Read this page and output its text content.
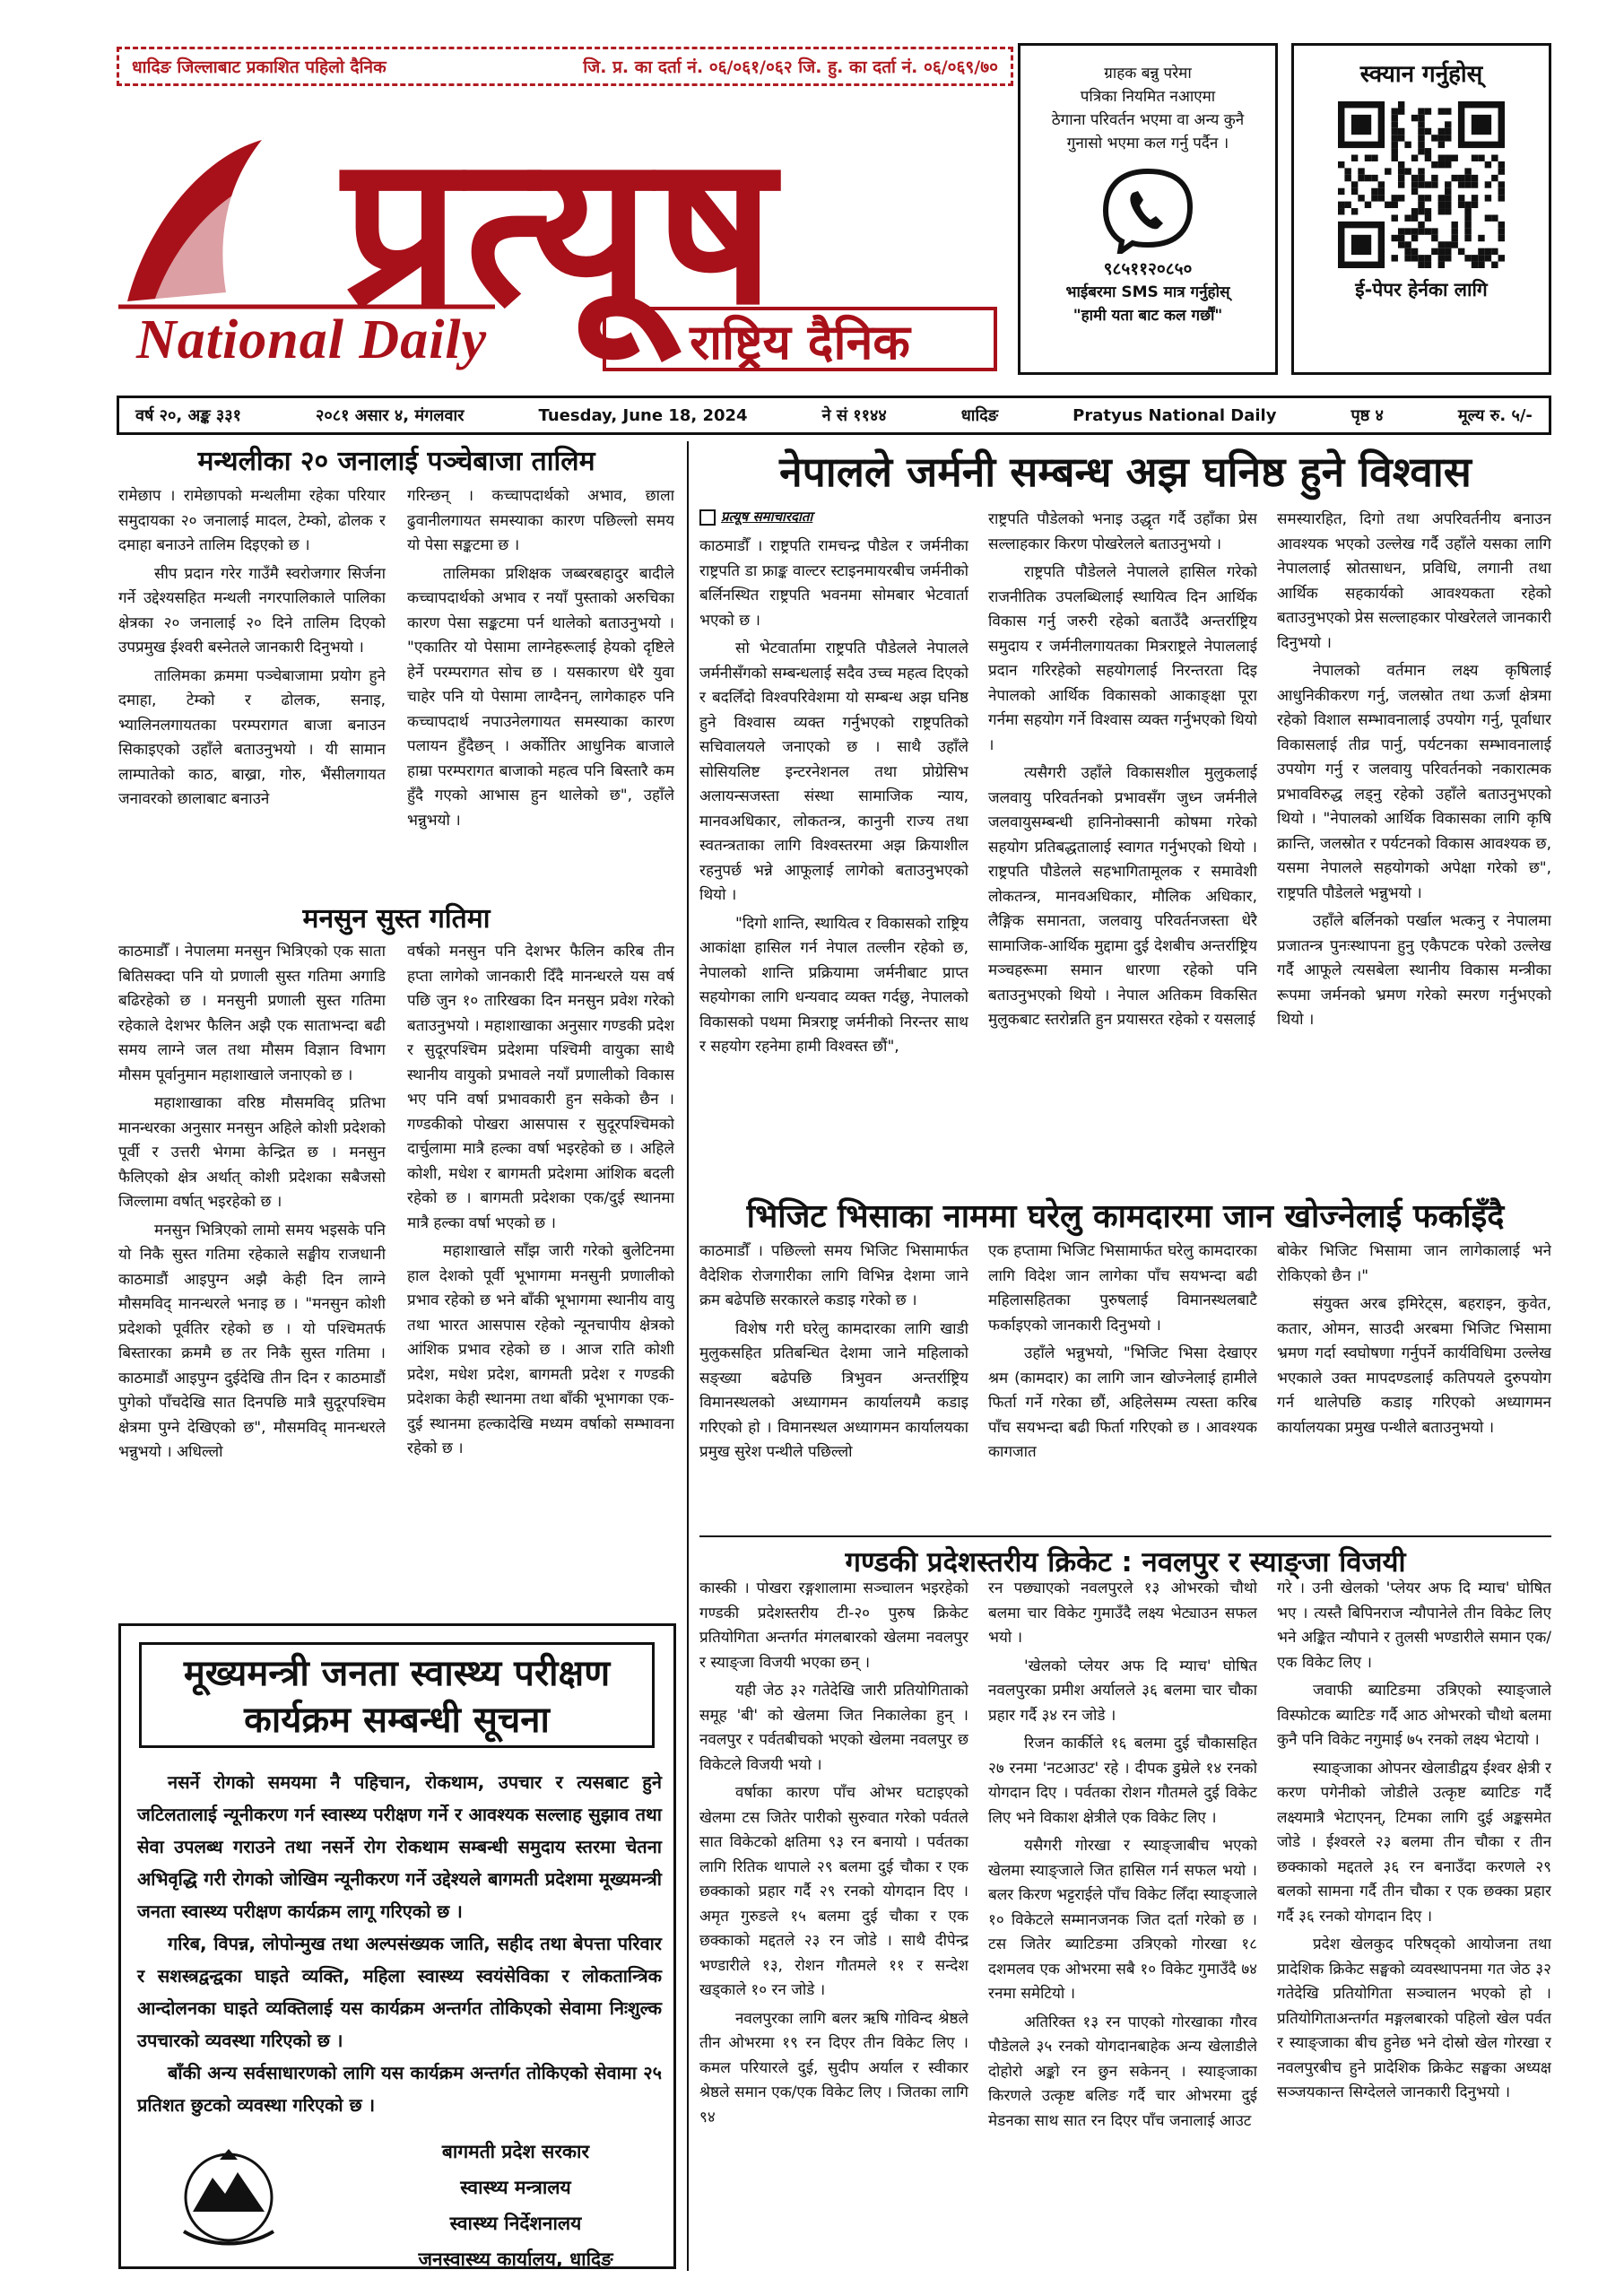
धादिङ जिल्लाबाट प्रकाशित पहिलो दैनिक	जि. प्र. का दर्ता नं. ०६/०६१/०६२ जि. हु. का दर्ता नं. ०६/०६९/७०
प्रत्यूष
National Daily	राष्ट्रिय दैनिक
ग्राहक बन्नु परेमा
पत्रिका नियमित नआएमा
ठेगाना परिवर्तन भएमा वा अन्य कुनै
गुनासो भएमा कल गर्नु पर्दैन ।
९८५११२०८५०
भाईबरमा SMS मात्र गर्नुहोस्
"हामी यता बाट कल गर्छौं"
स्क्यान गर्नुहोस्
ई-पेपर हेर्नका लागि
वर्ष २०, अङ्क ३३१	२०८१ असार ४, मंगलवार	Tuesday, June 18, 2024	ने सं ११४४	धादिङ	Pratyus National Daily	पृष्ठ ४	मूल्य रु. ५/-
मन्थलीका २० जनालाई पञ्चेबाजा तालिम

रामेछाप । रामेछापको मन्थलीमा रहेका परियार समुदायका २० जनालाई मादल, टेम्को, ढोलक र दमाहा बनाउने तालिम दिइएको छ ।

सीप प्रदान गरेर गाउँमै स्वरोजगार सिर्जना गर्ने उद्देश्यसहित मन्थली नगरपालिकाले पालिका क्षेत्रका २० जनालाई २० दिने तालिम दिएको उपप्रमुख ईश्वरी बस्नेतले जानकारी दिनुभयो ।

तालिमका क्रममा पञ्चेबाजामा प्रयोग हुने दमाहा, टेम्को र ढोलक, सनाइ, भ्यालिनलगायतका परम्परागत बाजा बनाउन सिकाइएको उहाँले बताउनुभयो । यी सामान लाम्पातेको काठ, बाख्रा, गोरु, भैंसीलगायत जनावरको छालाबाट बनाउने

गरिन्छन् । कच्चापदार्थको अभाव, छाला ढुवानीलगायत समस्याका कारण पछिल्लो समय यो पेसा सङ्कटमा छ ।

तालिमका प्रशिक्षक जब्बरबहादुर बादीले कच्चापदार्थको अभाव र नयाँ पुस्ताको अरुचिका कारण पेसा सङ्कटमा पर्न थालेको बताउनुभयो । "एकातिर यो पेसामा लाग्नेहरूलाई हेयको दृष्टिले हेर्ने परम्परागत सोच छ । यसकारण धेरै युवा चाहेर पनि यो पेसामा लाग्दैनन्, लागेकाहरु पनि कच्चापदार्थ नपाउनेलगायत समस्याका कारण पलायन हुँदैछन् । अर्कोतिर आधुनिक बाजाले हाम्रा परम्परागत बाजाको महत्व पनि बिस्तारै कम हुँदै गएको आभास हुन थालेको छ", उहाँले भन्नुभयो ।

मनसुन सुस्त गतिमा

काठमाडौँ । नेपालमा मनसुन भित्रिएको एक साता बितिसक्दा पनि यो प्रणाली सुस्त गतिमा अगाडि बढिरहेको छ । मनसुनी प्रणाली सुस्त गतिमा रहेकाले देशभर फैलिन अझै एक साताभन्दा बढी समय लाग्ने जल तथा मौसम विज्ञान विभाग मौसम पूर्वानुमान महाशाखाले जनाएको छ ।

महाशाखाका वरिष्ठ मौसमविद् प्रतिभा मानन्धरका अनुसार मनसुन अहिले कोशी प्रदेशको पूर्वी र उत्तरी भेगमा केन्द्रित छ । मनसुन फैलिएको क्षेत्र अर्थात् कोशी प्रदेशका सबैजसो जिल्लामा वर्षात् भइरहेको छ ।

मनसुन भित्रिएको लामो समय भइसके पनि यो निकै सुस्त गतिमा रहेकाले सङ्घीय राजधानी काठमाडौं आइपुग्न अझै केही दिन लाग्ने मौसमविद् मानन्धरले भनाइ छ । "मनसुन कोशी प्रदेशको पूर्वतिर रहेको छ । यो पश्चिमतर्फ बिस्तारका क्रममै छ तर निकै सुस्त गतिमा । काठमाडौं आइपुग्न दुईदेखि तीन दिन र काठमाडौं पुगेको पाँचदेखि सात दिनपछि मात्रै सुदूरपश्चिम क्षेत्रमा पुग्ने देखिएको छ", मौसमविद् मानन्धरले भन्नुभयो । अधिल्लो

वर्षको मनसुन पनि देशभर फैलिन करिब तीन हप्ता लागेको जानकारी दिँदै मानन्धरले यस वर्ष पछि जुन १० तारिखका दिन मनसुन प्रवेश गरेको बताउनुभयो । महाशाखाका अनुसार गण्डकी प्रदेश र सुदूरपश्चिम प्रदेशमा पश्चिमी वायुका साथै स्थानीय वायुको प्रभावले नयाँ प्रणालीको विकास भए पनि वर्षा प्रभावकारी हुन सकेको छैन । गण्डकीको पोखरा आसपास र सुदूरपश्चिमको दार्चुलामा मात्रै हल्का वर्षा भइरहेको छ । अहिले कोशी, मधेश र बागमती प्रदेशमा आंशिक बदली रहेको छ । बागमती प्रदेशका एक/दुई स्थानमा मात्रै हल्का वर्षा भएको छ ।

महाशाखाले साँझ जारी गरेको बुलेटिनमा हाल देशको पूर्वी भूभागमा मनसुनी प्रणालीको प्रभाव रहेको छ भने बाँकी भूभागमा स्थानीय वायु तथा भारत आसपास रहेको न्यूनचापीय क्षेत्रको आंशिक प्रभाव रहेको छ । आज राति कोशी प्रदेश, मधेश प्रदेश, बागमती प्रदेश र गण्डकी प्रदेशका केही स्थानमा तथा बाँकी भूभागका एक-दुई स्थानमा हल्कादेखि मध्यम वर्षाको सम्भावना रहेको छ ।

नेपालले जर्मनी सम्बन्ध अझ घनिष्ठ हुने विश्वास
प्रत्यूष समाचारदाता

काठमाडौँ । राष्ट्रपति रामचन्द्र पौडेल र जर्मनीका राष्ट्रपति डा फ्राङ्क वाल्टर स्टाइनमायरबीच जर्मनीको बर्लिनस्थित राष्ट्रपति भवनमा सोमबार भेटवार्ता भएको छ ।

सो भेटवार्तामा राष्ट्रपति पौडेलले नेपालले जर्मनीसँगको सम्बन्धलाई सदैव उच्च महत्व दिएको र बदलिँदो विश्वपरिवेशमा यो सम्बन्ध अझ घनिष्ठ हुने विश्वास व्यक्त गर्नुभएको राष्ट्रपतिको सचिवालयले जनाएको छ । साथै उहाँले सोसियलिष्ट इन्टरनेशनल तथा प्रोग्रेसिभ अलायन्सजस्ता संस्था सामाजिक न्याय, मानवअधिकार, लोकतन्त्र, कानुनी राज्य तथा स्वतन्त्रताका लागि विश्वस्तरमा अझ क्रियाशील रहनुपर्छ भन्ने आफूलाई लागेको बताउनुभएको थियो ।

"दिगो शान्ति, स्थायित्व र विकासको राष्ट्रिय आकांक्षा हासिल गर्न नेपाल तल्लीन रहेको छ, नेपालको शान्ति प्रक्रियामा जर्मनीबाट प्राप्त सहयोगका लागि धन्यवाद व्यक्त गर्दछु, नेपालको विकासको पथमा मित्रराष्ट्र जर्मनीको निरन्तर साथ र सहयोग रहनेमा हामी विश्वस्त छौं",

राष्ट्रपति पौडेलको भनाइ उद्धृत गर्दै उहाँका प्रेस सल्लाहकार किरण पोखरेलले बताउनुभयो ।

राष्ट्रपति पौडेलले नेपालले हासिल गरेको राजनीतिक उपलब्धिलाई स्थायित्व दिन आर्थिक विकास गर्नु जरुरी रहेको बताउँदै अन्तर्राष्ट्रिय समुदाय र जर्मनीलगायतका मित्रराष्ट्रले नेपाललाई प्रदान गरिरहेको सहयोगलाई निरन्तरता दिइ नेपालको आर्थिक विकासको आकाङ्क्षा पूरा गर्नमा सहयोग गर्ने विश्वास व्यक्त गर्नुभएको थियो ।

त्यसैगरी उहाँले विकासशील मुलुकलाई जलवायु परिवर्तनको प्रभावसँग जुध्न जर्मनीले जलवायुसम्बन्धी हानिनोक्सानी कोषमा गरेको सहयोग प्रतिबद्धतालाई स्वागत गर्नुभएको थियो । राष्ट्रपति पौडेलले सहभागितामूलक र समावेशी लोकतन्त्र, मानवअधिकार, मौलिक अधिकार, लैङ्गिक समानता, जलवायु परिवर्तनजस्ता धेरै सामाजिक-आर्थिक मुद्दामा दुई देशबीच अन्तर्राष्ट्रिय मञ्चहरूमा समान धारणा रहेको पनि बताउनुभएको थियो । नेपाल अतिकम विकसित मुलुकबाट स्तरोन्नति हुन प्रयासरत रहेको र यसलाई

समस्यारहित, दिगो तथा अपरिवर्तनीय बनाउन आवश्यक भएको उल्लेख गर्दै उहाँले यसका लागि नेपाललाई स्रोतसाधन, प्रविधि, लगानी तथा आर्थिक सहकार्यको आवश्यकता रहेको बताउनुभएको प्रेस सल्लाहकार पोखरेलले जानकारी दिनुभयो ।

नेपालको वर्तमान लक्ष्य कृषिलाई आधुनिकीकरण गर्नु, जलस्रोत तथा ऊर्जा क्षेत्रमा रहेको विशाल सम्भावनालाई उपयोग गर्नु, पूर्वाधार विकासलाई तीव्र पार्नु, पर्यटनका सम्भावनालाई उपयोग गर्नु र जलवायु परिवर्तनको नकारात्मक प्रभावविरुद्ध लड्नु रहेको उहाँले बताउनुभएको थियो । "नेपालको आर्थिक विकासका लागि कृषि क्रान्ति, जलस्रोत र पर्यटनको विकास आवश्यक छ, यसमा नेपालले सहयोगको अपेक्षा गरेको छ", राष्ट्रपति पौडेलले भन्नुभयो ।

उहाँले बर्लिनको पर्खाल भत्कनु र नेपालमा प्रजातन्त्र पुनःस्थापना हुनु एकैपटक परेको उल्लेख गर्दै आफूले त्यसबेला स्थानीय विकास मन्त्रीका रूपमा जर्मनको भ्रमण गरेको स्मरण गर्नुभएको थियो ।

भिजिट भिसाका नाममा घरेलु कामदारमा जान खोज्नेलाई फर्काइँदै

काठमाडौँ । पछिल्लो समय भिजिट भिसामार्फत वैदेशिक रोजगारीका लागि विभिन्न देशमा जाने क्रम बढेपछि सरकारले कडाइ गरेको छ ।

विशेष गरी घरेलु कामदारका लागि खाडी मुलुकसहित प्रतिबन्धित देशमा जाने महिलाको सङ्ख्या बढेपछि त्रिभुवन अन्तर्राष्ट्रिय विमानस्थलको अध्यागमन कार्यालयमै कडाइ गरिएको हो । विमानस्थल अध्यागमन कार्यालयका प्रमुख सुरेश पन्थीले पछिल्लो

एक हप्तामा भिजिट भिसामार्फत घरेलु कामदारका लागि विदेश जान लागेका पाँच सयभन्दा बढी महिलासहितका पुरुषलाई विमानस्थलबाटै फर्काइएको जानकारी दिनुभयो ।

उहाँले भन्नुभयो, "भिजिट भिसा देखाएर श्रम (कामदार) का लागि जान खोज्नेलाई हामीले फिर्ता गर्ने गरेका छौं, अहिलेसम्म त्यस्ता करिब पाँच सयभन्दा बढी फिर्ता गरिएको छ । आवश्यक कागजात

बोकेर भिजिट भिसामा जान लागेकालाई भने रोकिएको छैन ।"

संयुक्त अरब इमिरेट्स, बहराइन, कुवेत, कतार, ओमन, साउदी अरबमा भिजिट भिसामा भ्रमण गर्दा स्वघोषणा गर्नुपर्ने कार्यविधिमा उल्लेख भएकाले उक्त मापदण्डलाई कतिपयले दुरुपयोग गर्न थालेपछि कडाइ गरिएको अध्यागमन कार्यालयका प्रमुख पन्थीले बताउनुभयो ।

गण्डकी प्रदेशस्तरीय क्रिकेट : नवलपुर र स्याङ्जा विजयी

कास्की । पोखरा रङ्गशालामा सञ्चालन भइरहेको गण्डकी प्रदेशस्तरीय टी-२० पुरुष क्रिकेट प्रतियोगिता अन्तर्गत मंगलबारको खेलमा नवलपुर र स्याङ्जा विजयी भएका छन् ।

यही जेठ ३२ गतेदेखि जारी प्रतियोगिताको समूह 'बी' को खेलमा जित निकालेका हुन् । नवलपुर र पर्वतबीचको भएको खेलमा नवलपुर छ विकेटले विजयी भयो ।

वर्षाका कारण पाँच ओभर घटाइएको खेलमा टस जितेर पारीको सुरुवात गरेको पर्वतले सात विकेटको क्षतिमा ९३ रन बनायो । पर्वतका लागि रितिक थापाले २९ बलमा दुई चौका र एक छक्काको प्रहार गर्दै २९ रनको योगदान दिए । अमृत गुरुङले १५ बलमा दुई चौका र एक छक्काको मद्दतले २३ रन जोडे । साथै दीपेन्द्र भण्डारीले १३, रोशन गौतमले ११ र सन्देश खड्काले १० रन जोडे ।

नवलपुरका लागि बलर ऋषि गोविन्द श्रेष्ठले तीन ओभरमा १९ रन दिएर तीन विकेट लिए । कमल परियारले दुई, सुदीप अर्याल र स्वीकार श्रेष्ठले समान एक/एक विकेट लिए । जितका लागि ९४

रन पछ्याएको नवलपुरले १३ ओभरको चौथो बलमा चार विकेट गुमाउँदै लक्ष्य भेट्याउन सफल भयो ।

'खेलको प्लेयर अफ दि म्याच' घोषित नवलपुरका प्रमीश अर्यालले ३६ बलमा चार चौका प्रहार गर्दै ३४ रन जोडे ।

रिजन कार्कीले १६ बलमा दुई चौकासहित २७ रनमा 'नटआउट' रहे । दीपक डुम्रेले १४ रनको योगदान दिए । पर्वतका रोशन गौतमले दुई विकेट लिए भने विकाश क्षेत्रीले एक विकेट लिए ।

यसैगरी गोरखा र स्याङ्जाबीच भएको खेलमा स्याङ्जाले जित हासिल गर्न सफल भयो । बलर किरण भट्टराईले पाँच विकेट लिँदा स्याङ्जाले १० विकेटले सम्मानजनक जित दर्ता गरेको छ । टस जितेर ब्याटिङमा उत्रिएको गोरखा १८ दशमलव एक ओभरमा सबै १० विकेट गुमाउँदै ७४ रनमा समेटियो ।

अतिरिक्त १३ रन पाएको गोरखाका गौरव पौडेलले ३५ रनको योगदानबाहेक अन्य खेलाडीले दोहोरो अङ्को रन छुन सकेनन् । स्याङ्जाका किरणले उत्कृष्ट बलिङ गर्दै चार ओभरमा दुई मेडनका साथ सात रन दिएर पाँच जनालाई आउट

गरे । उनी खेलको 'प्लेयर अफ दि म्याच' घोषित भए । त्यस्तै बिपिनराज न्यौपानेले तीन विकेट लिए भने अङ्कित न्यौपाने र तुलसी भण्डारीले समान एक/एक विकेट लिए ।

जवाफी ब्याटिङमा उत्रिएको स्याङ्जाले विस्फोटक ब्याटिङ गर्दै आठ ओभरको चौथो बलमा कुनै पनि विकेट नगुमाई ७५ रनको लक्ष्य भेटायो ।

स्याङ्जाका ओपनर खेलाडीद्वय ईश्वर क्षेत्री र करण पगेनीको जोडीले उत्कृष्ट ब्याटिङ गर्दै लक्ष्यमात्रै भेटाएनन्, टिमका लागि दुई अङ्कसमेत जोडे । ईश्वरले २३ बलमा तीन चौका र तीन छक्काको मद्दतले ३६ रन बनाउँदा करणले २९ बलको सामना गर्दै तीन चौका र एक छक्का प्रहार गर्दै ३६ रनको योगदान दिए ।

प्रदेश खेलकुद परिषद्को आयोजना तथा प्रादेशिक क्रिकेट सङ्घको व्यवस्थापनमा गत जेठ ३२ गतेदेखि प्रतियोगिता सञ्चालन भएको हो । प्रतियोगिताअन्तर्गत मङ्गलबारको पहिलो खेल पर्वत र स्याङ्जाका बीच हुनेछ भने दोस्रो खेल गोरखा र नवलपुरबीच हुने प्रादेशिक क्रिकेट सङ्घका अध्यक्ष सञ्जयकान्त सिग्देलले जानकारी दिनुभयो ।

मूख्यमन्त्री जनता स्वास्थ्य परीक्षण
कार्यक्रम सम्बन्धी सूचना

नसर्ने रोगको समयमा नै पहिचान, रोकथाम, उपचार र त्यसबाट हुने जटिलतालाई न्यूनीकरण गर्न स्वास्थ्य परीक्षण गर्ने र आवश्यक सल्लाह सुझाव तथा सेवा उपलब्ध गराउने तथा नसर्ने रोग रोकथाम सम्बन्धी समुदाय स्तरमा चेतना अभिवृद्धि गरी रोगको जोखिम न्यूनीकरण गर्ने उद्देश्यले बागमती प्रदेशमा मूख्यमन्त्री जनता स्वास्थ्य परीक्षण कार्यक्रम लागू गरिएको छ ।

गरिब, विपन्न, लोपोन्मुख तथा अल्पसंख्यक जाति, सहीद तथा बेपत्ता परिवार र सशस्त्रद्वन्द्वका घाइते व्यक्ति, महिला स्वास्थ्य स्वयंसेविका र लोकतान्त्रिक आन्दोलनका घाइते व्यक्तिलाई यस कार्यक्रम अन्तर्गत तोकिएको सेवामा निःशुल्क उपचारको व्यवस्था गरिएको छ ।

बाँकी अन्य सर्वसाधारणको लागि यस कार्यक्रम अन्तर्गत तोकिएको सेवामा २५ प्रतिशत छुटको व्यवस्था गरिएको छ ।

बागमती प्रदेश सरकार
स्वास्थ्य मन्त्रालय
स्वास्थ्य निर्देशनालय
जनस्वास्थ्य कार्यालय, धादिङ
